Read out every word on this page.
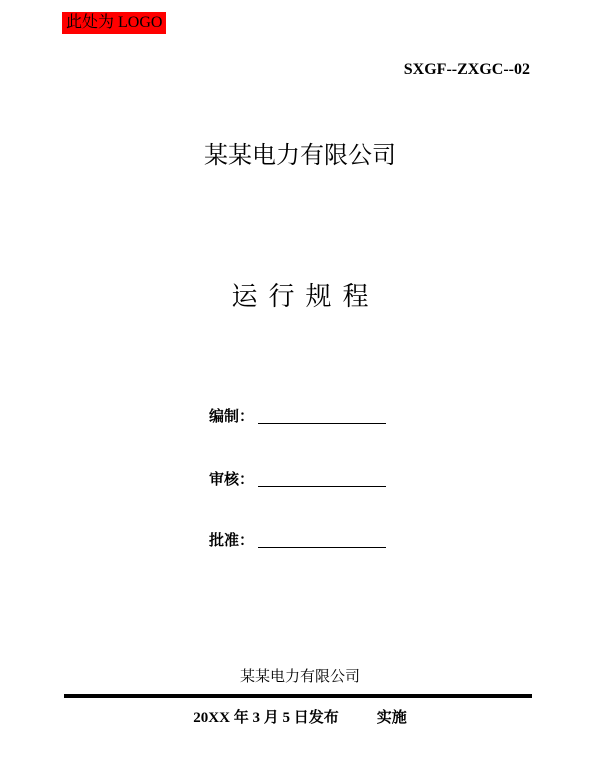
此处为 LOGO
SXGF--ZXGC--02
某某电力有限公司
运行规程
编制：
审核：
批准：
某某电力有限公司
20XX 年 3 月 5 日发布	实施
